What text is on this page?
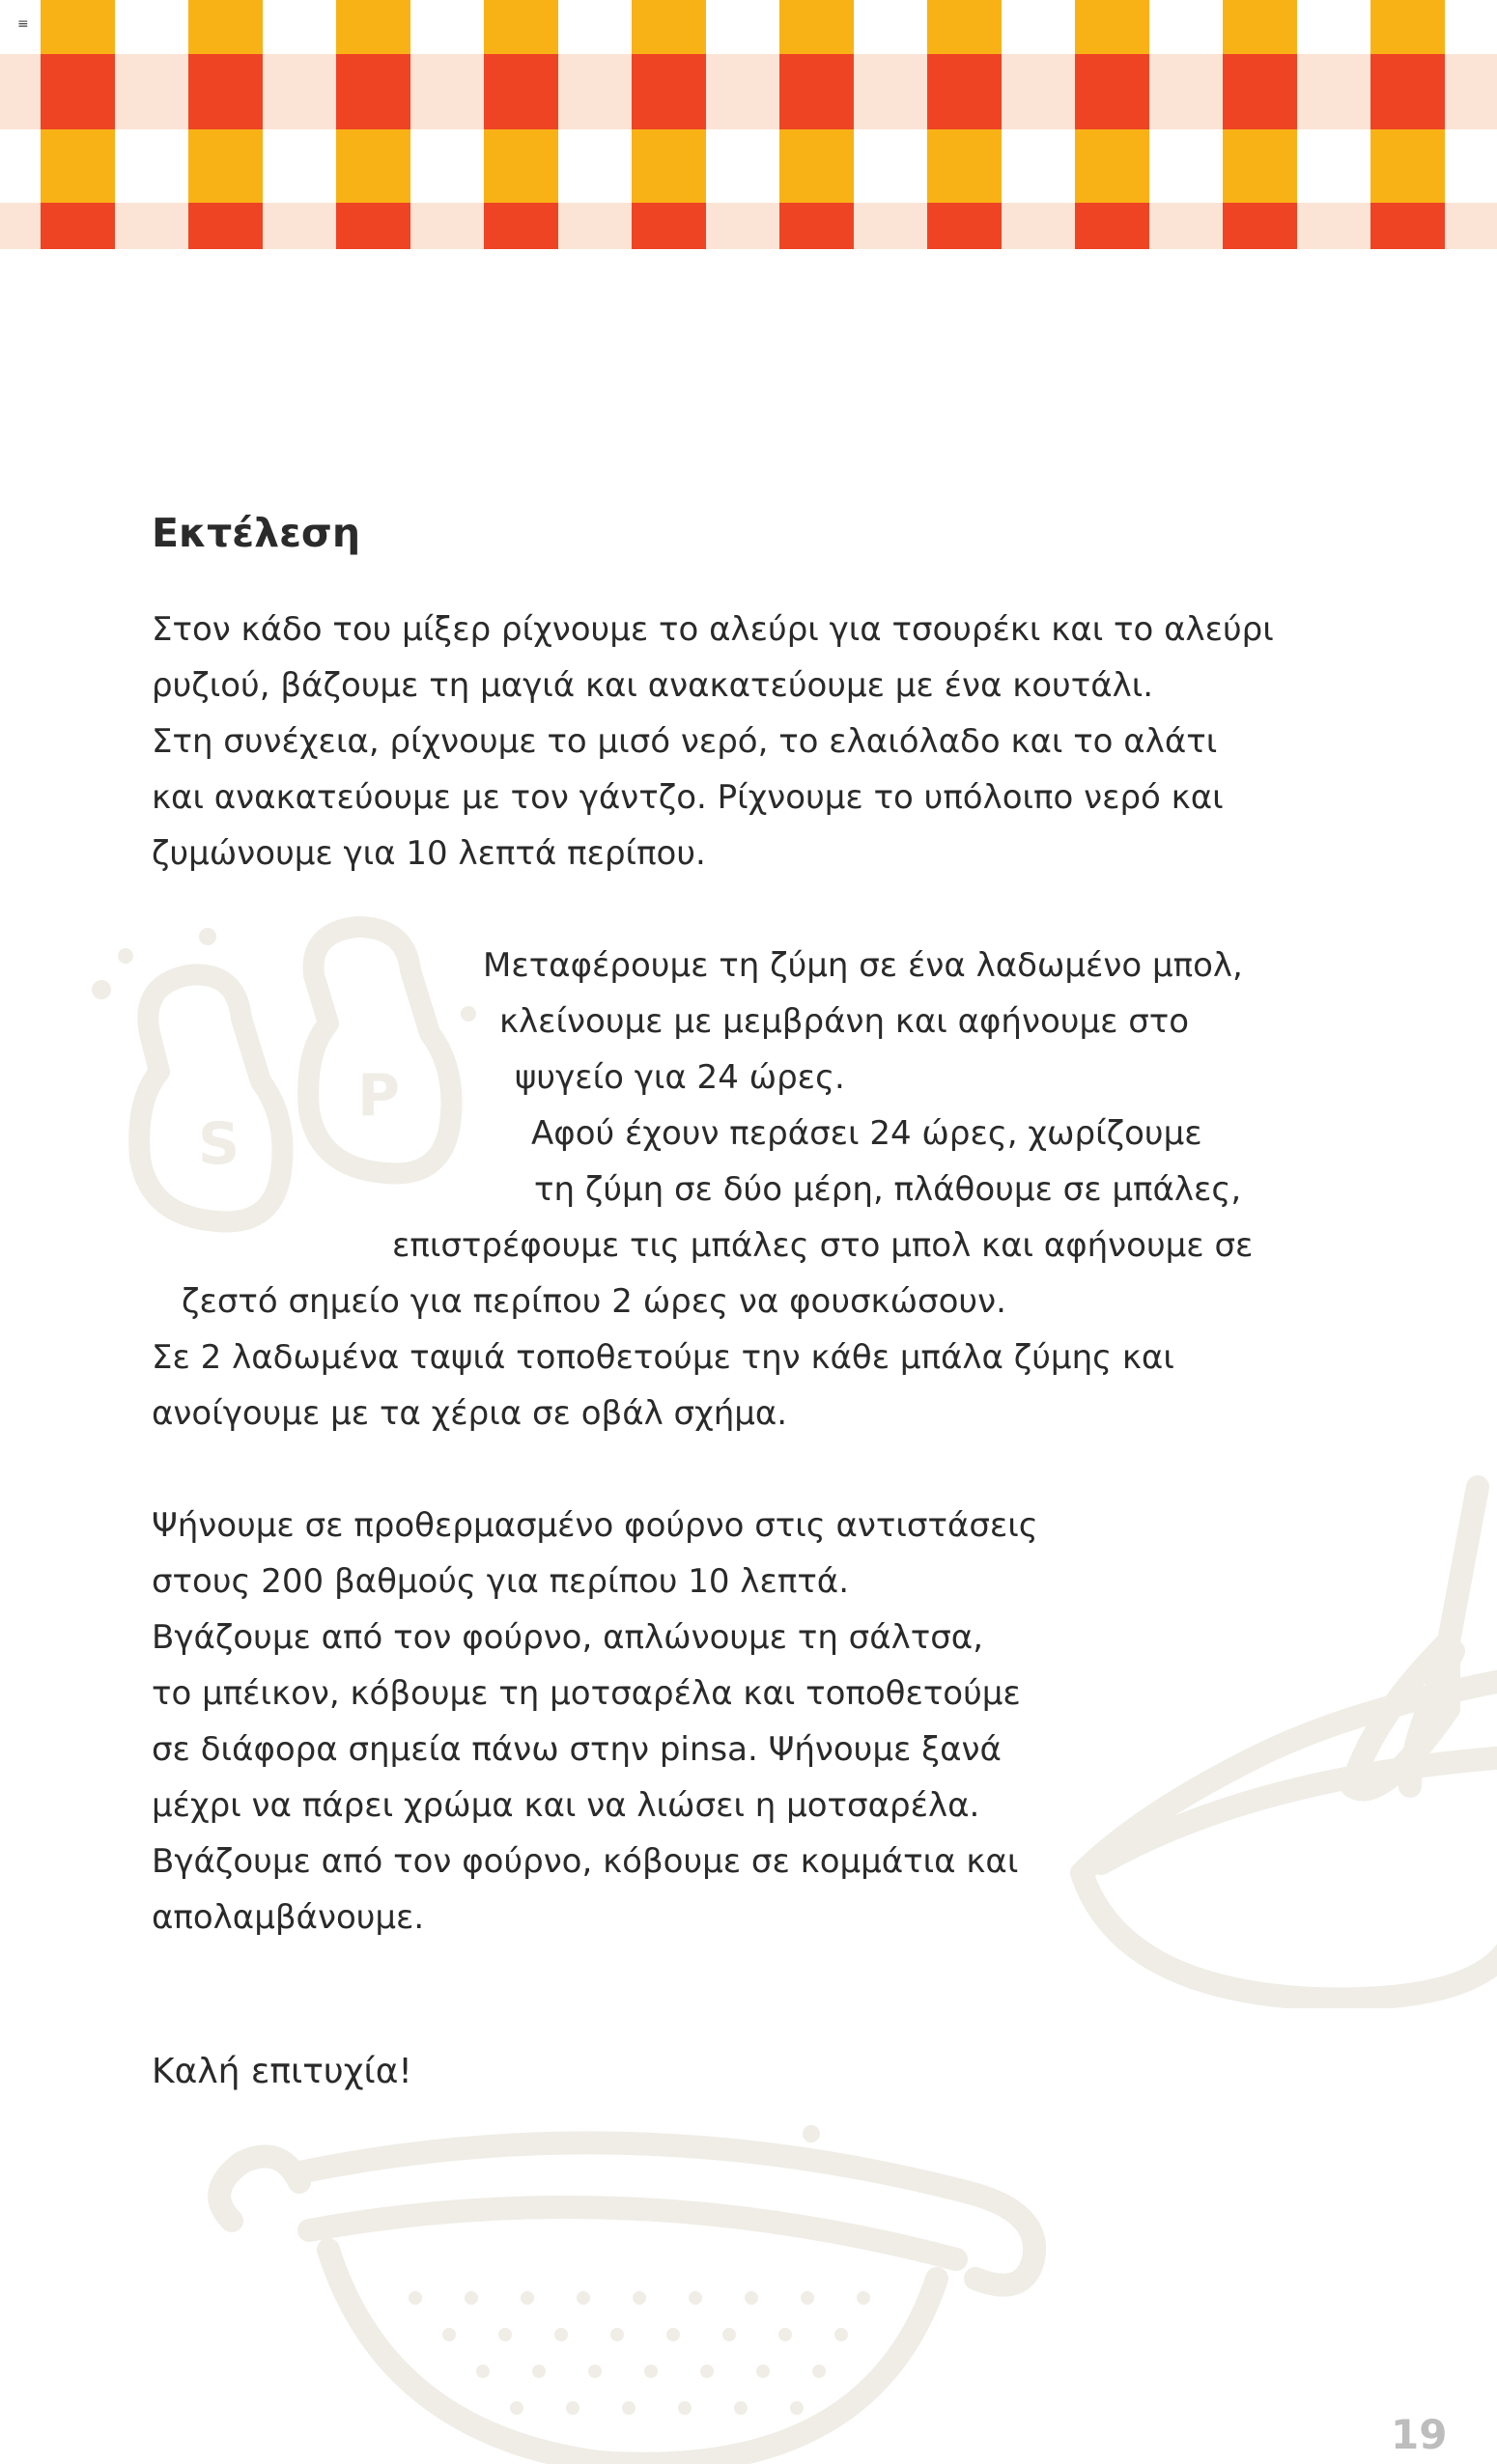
≡
S
P
Εκτέλεση
Στον κάδο του μίξερ ρίχνουμε το αλεύρι για τσουρέκι και το αλεύρι
ρυζιού, βάζουμε τη μαγιά και ανακατεύουμε με ένα κουτάλι.
Στη συνέχεια, ρίχνουμε το μισό νερό, το ελαιόλαδο και το αλάτι
και ανακατεύουμε με τον γάντζο. Ρίχνουμε το υπόλοιπο νερό και
ζυμώνουμε για 10 λεπτά περίπου.
Μεταφέρουμε τη ζύμη σε ένα λαδωμένο μπολ,
κλείνουμε με μεμβράνη και αφήνουμε στο
ψυγείο για 24 ώρες.
Αφού έχουν περάσει 24 ώρες, χωρίζουμε
τη ζύμη σε δύο μέρη, πλάθουμε σε μπάλες,
επιστρέφουμε τις μπάλες στο μπολ και αφήνουμε σε
ζεστό σημείο για περίπου 2 ώρες να φουσκώσουν.
Σε 2 λαδωμένα ταψιά τοποθετούμε την κάθε μπάλα ζύμης και
ανοίγουμε με τα χέρια σε οβάλ σχήμα.
Ψήνουμε σε προθερμασμένο φούρνο στις αντιστάσεις
στους 200 βαθμούς για περίπου 10 λεπτά.
Βγάζουμε από τον φούρνο, απλώνουμε τη σάλτσα,
το μπέικον, κόβουμε τη μοτσαρέλα και τοποθετούμε
σε διάφορα σημεία πάνω στην pinsa. Ψήνουμε ξανά
μέχρι να πάρει χρώμα και να λιώσει η μοτσαρέλα.
Βγάζουμε από τον φούρνο, κόβουμε σε κομμάτια και
απολαμβάνουμε.
Καλή επιτυχία!
19
